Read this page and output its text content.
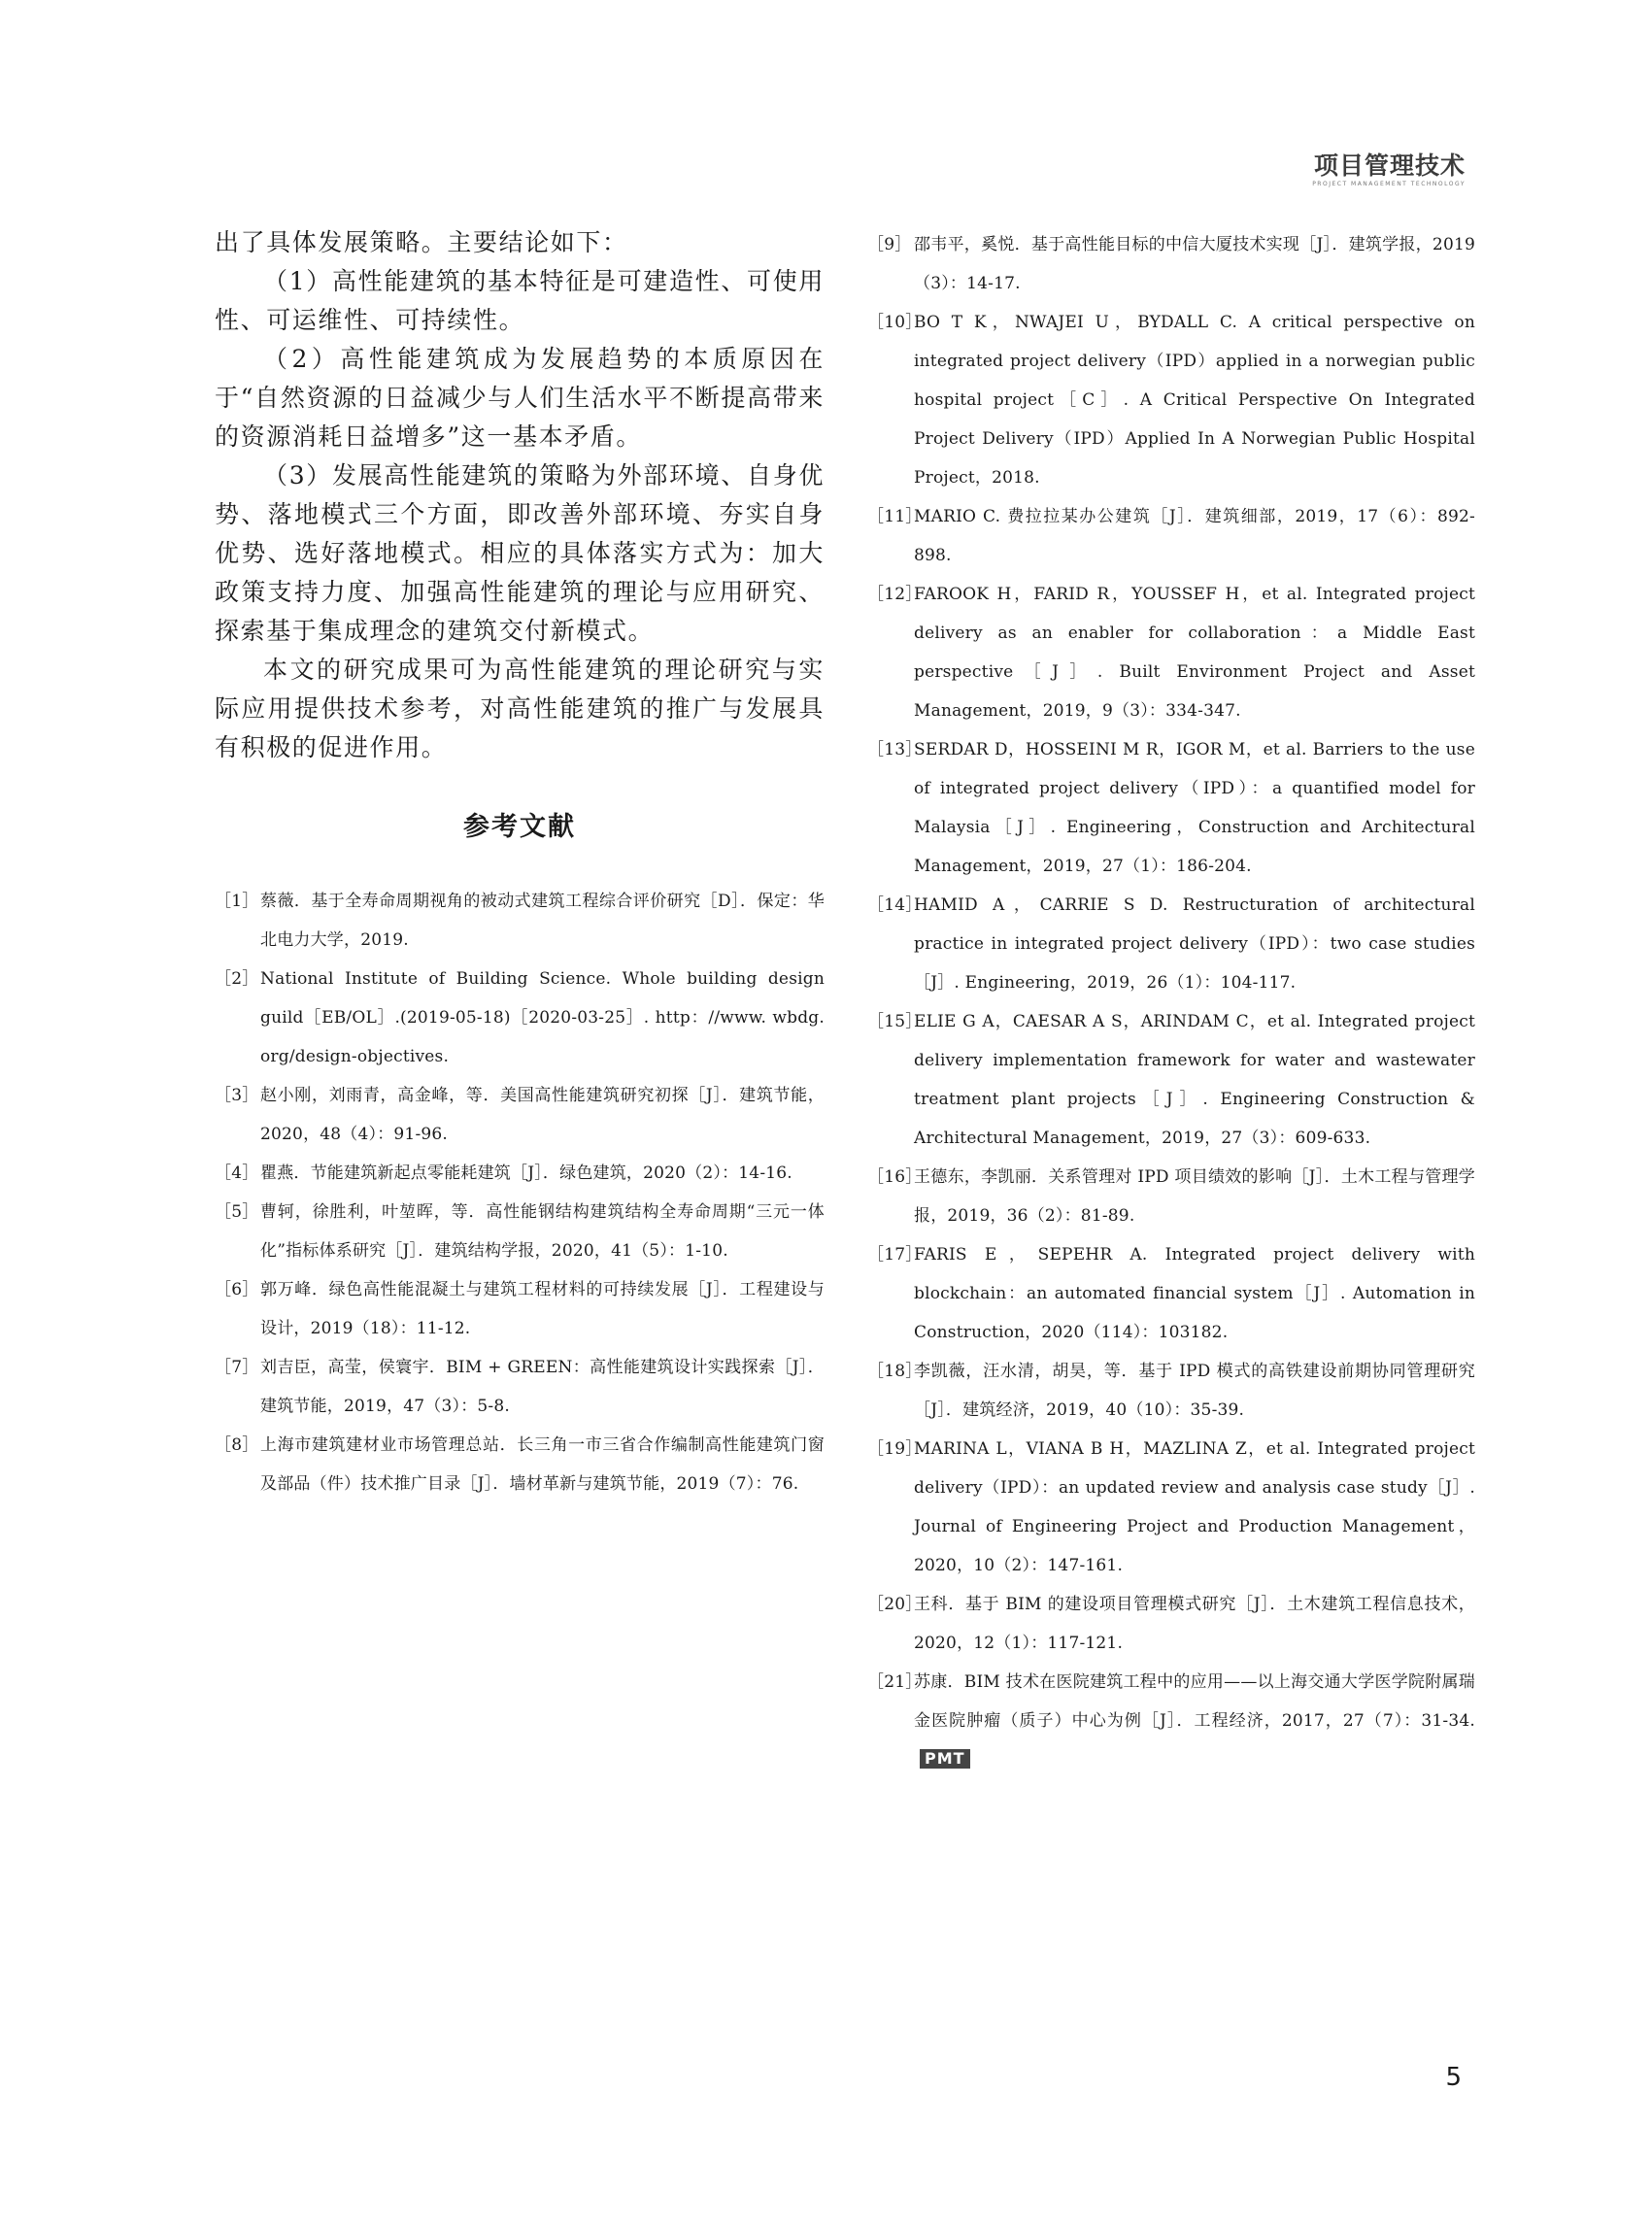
项目管理技术
PROJECT MANAGEMENT TECHNOLOGY

出了具体发展策略。主要结论如下：

（1）高性能建筑的基本特征是可建造性、可使用性、可运维性、可持续性。

（2）高性能建筑成为发展趋势的本质原因在于“自然资源的日益减少与人们生活水平不断提高带来的资源消耗日益增多”这一基本矛盾。

（3）发展高性能建筑的策略为外部环境、自身优势、落地模式三个方面，即改善外部环境、夯实自身优势、选好落地模式。相应的具体落实方式为：加大政策支持力度、加强高性能建筑的理论与应用研究、探索基于集成理念的建筑交付新模式。

本文的研究成果可为高性能建筑的理论研究与实际应用提供技术参考，对高性能建筑的推广与发展具有积极的促进作用。

参考文献
［1］ 蔡薇．基于全寿命周期视角的被动式建筑工程综合评价研究［D］．保定：华北电力大学，2019.
［2］ National Institute of Building Science. Whole building design guild［EB/OL］.(2019-05-18)［2020-03-25］. http：//www. wbdg. org/design-objectives.
［3］ 赵小刚，刘雨青，高金峰，等．美国高性能建筑研究初探［J］．建筑节能，2020，48（4）：91-96.
［4］ 瞿燕．节能建筑新起点零能耗建筑［J］．绿色建筑，2020（2）：14-16.
［5］ 曹轲，徐胜利，叶堃晖，等．高性能钢结构建筑结构全寿命周期“三元一体化”指标体系研究［J］．建筑结构学报，2020，41（5）：1-10.
［6］ 郭万峰．绿色高性能混凝土与建筑工程材料的可持续发展［J］．工程建设与设计，2019（18）：11-12.
［7］ 刘吉臣，高莹，侯寰宇．BIM + GREEN：高性能建筑设计实践探索［J］．建筑节能，2019，47（3）：5-8.
［8］ 上海市建筑建材业市场管理总站．长三角一市三省合作编制高性能建筑门窗及部品（件）技术推广目录［J］．墙材革新与建筑节能，2019（7）：76.
［9］ 邵韦平，奚悦．基于高性能目标的中信大厦技术实现［J］．建筑学报，2019（3）：14-17.
［10］
BO T K，NWAJEI U，BYDALL C. A critical perspective on integrated project delivery（IPD）applied in a norwegian public hospital project［C］. A Critical Perspective On Integrated Project Delivery（IPD）Applied In A Norwegian Public Hospital Project，2018.
［11］
MARIO C. 费拉拉某办公建筑［J］．建筑细部，2019，17（6）：892-898.
［12］
FAROOK H，FARID R，YOUSSEF H，et al. Integrated project delivery as an enabler for collaboration：a Middle East perspective［J］. Built Environment Project and Asset Management，2019，9（3）：334-347.
［13］
SERDAR D，HOSSEINI M R，IGOR M，et al. Barriers to the use of integrated project delivery（IPD）：a quantified model for Malaysia［J］. Engineering，Construction and Architectural Management，2019，27（1）：186-204.
［14］
HAMID A，CARRIE S D. Restructuration of architectural practice in integrated project delivery（IPD）：two case studies［J］. Engineering，2019，26（1）：104-117.
［15］
ELIE G A，CAESAR A S，ARINDAM C，et al. Integrated project delivery implementation framework for water and wastewater treatment plant projects［J］. Engineering Construction & Architectural Management，2019，27（3）：609-633.
［16］
王德东，李凯丽．关系管理对 IPD 项目绩效的影响［J］．土木工程与管理学报，2019，36（2）：81-89.
［17］
FARIS E，SEPEHR A. Integrated project delivery with blockchain：an automated financial system［J］. Automation in Construction，2020（114）：103182.
［18］
李凯薇，汪水清，胡昊，等．基于 IPD 模式的高铁建设前期协同管理研究［J］．建筑经济，2019，40（10）：35-39.
［19］
MARINA L，VIANA B H，MAZLINA Z，et al. Integrated project delivery（IPD）：an updated review and analysis case study［J］. Journal of Engineering Project and Production Management，2020，10（2）：147-161.
［20］
王科．基于 BIM 的建设项目管理模式研究［J］．土木建筑工程信息技术，2020，12（1）：117-121.
［21］
苏康．BIM 技术在医院建筑工程中的应用——以上海交通大学医学院附属瑞金医院肿瘤（质子）中心为例［J］．工程经济，2017，27（7）：31-34.PMT
5
